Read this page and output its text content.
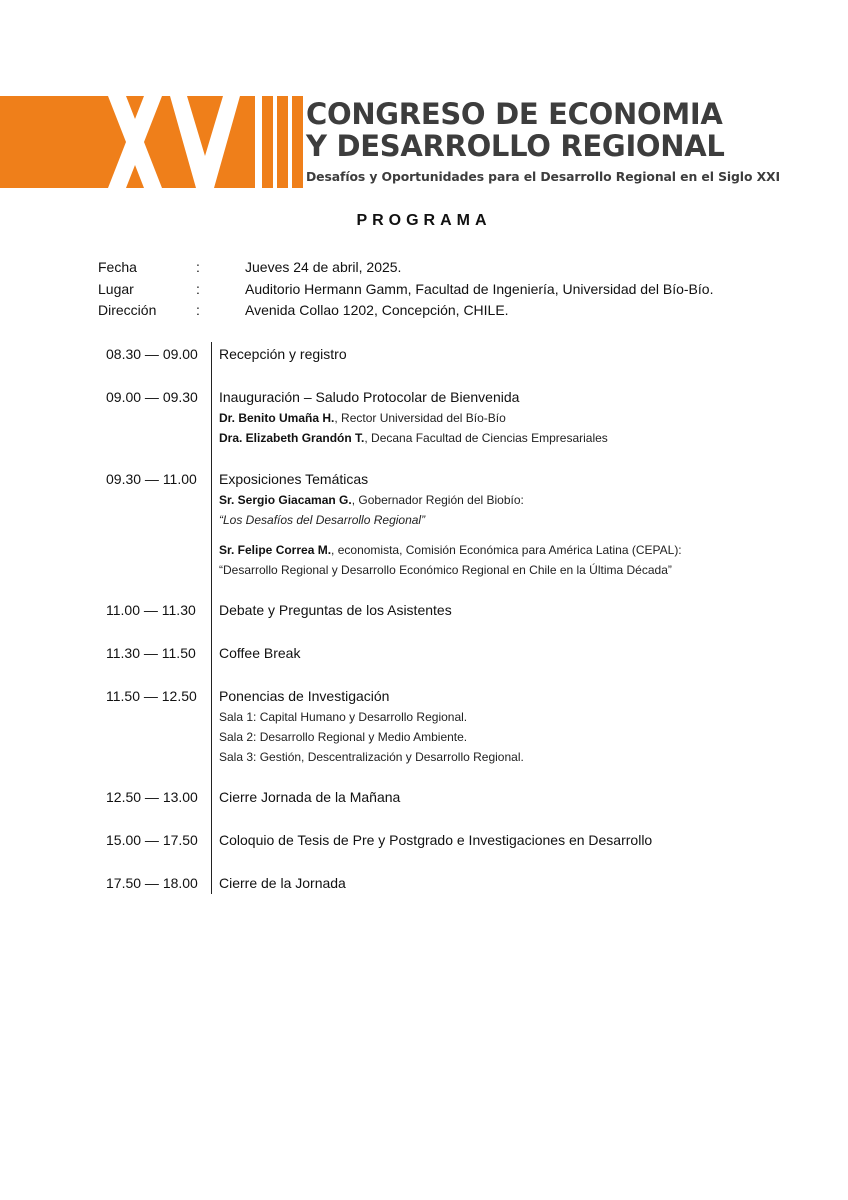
CONGRESO DE ECONOMIA
Y DESARROLLO REGIONAL
Desafíos y Oportunidades para el Desarrollo Regional en el Siglo XXI
PROGRAMA
Fecha	:	Jueves 24 de abril, 2025.
Lugar	:	Auditorio Hermann Gamm, Facultad de Ingeniería, Universidad del Bío-Bío.
Dirección	:	Avenida Collao 1202, Concepción, CHILE.
08.30 — 09.00 Recepción y registro
09.00 — 09.30 Inauguración – Saludo Protocolar de Bienvenida
Dr. Benito Umaña H., Rector Universidad del Bío-Bío
Dra. Elizabeth Grandón T., Decana Facultad de Ciencias Empresariales
09.30 — 11.00 Exposiciones Temáticas
Sr. Sergio Giacaman G., Gobernador Región del Biobío:
“Los Desafíos del Desarrollo Regional”
Sr. Felipe Correa M., economista, Comisión Económica para América Latina (CEPAL):
“Desarrollo Regional y Desarrollo Económico Regional en Chile en la Última Década”
11.00 — 11.30 Debate y Preguntas de los Asistentes
11.30 — 11.50 Coffee Break
11.50 — 12.50 Ponencias de Investigación
Sala 1: Capital Humano y Desarrollo Regional.
Sala 2: Desarrollo Regional y Medio Ambiente.
Sala 3: Gestión, Descentralización y Desarrollo Regional.
12.50 — 13.00 Cierre Jornada de la Mañana
15.00 — 17.50 Coloquio de Tesis de Pre y Postgrado e Investigaciones en Desarrollo
17.50 — 18.00 Cierre de la Jornada
